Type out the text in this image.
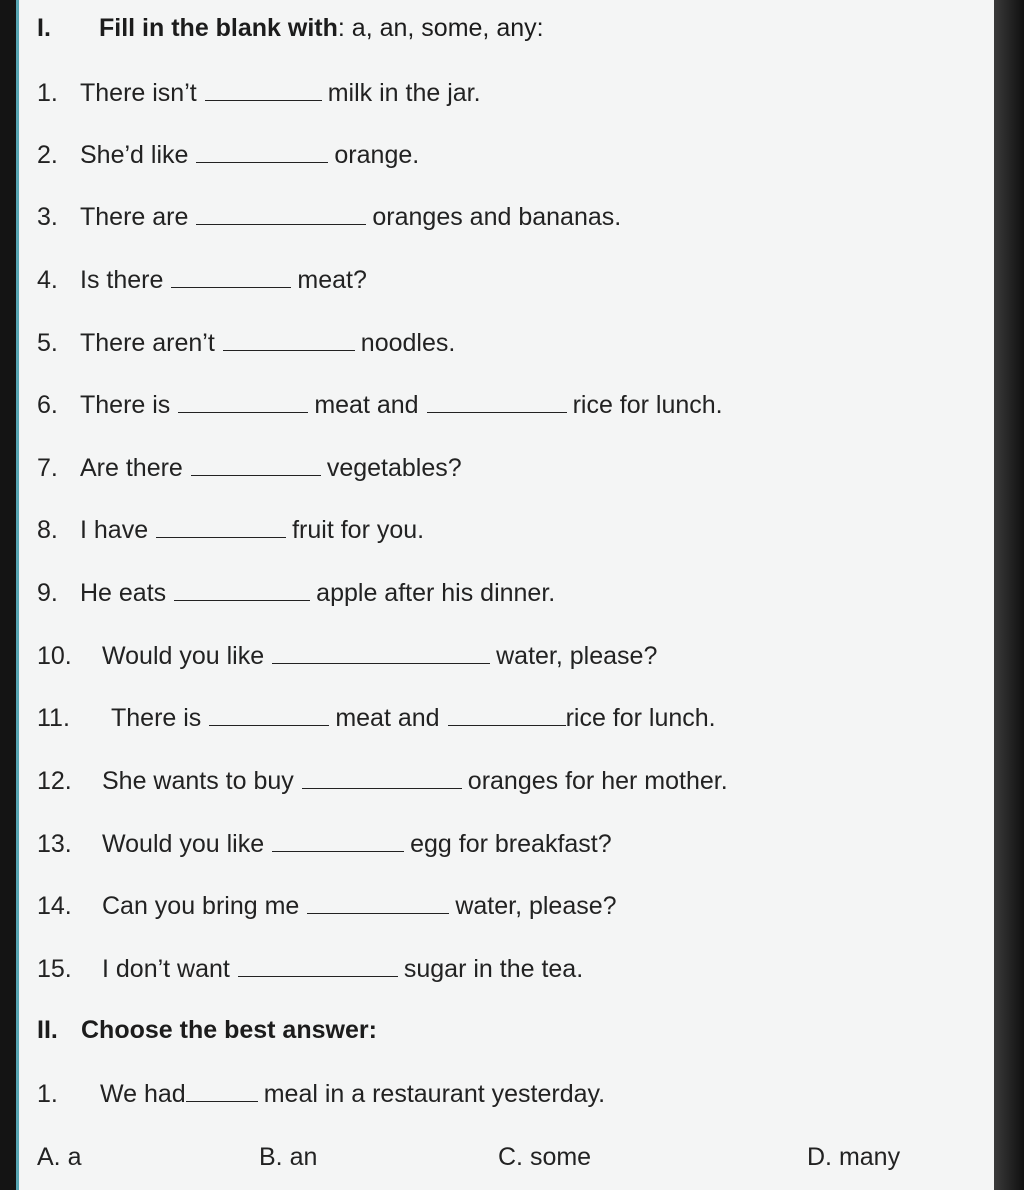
I. Fill in the blank with: a, an, some, any:
1. There isn’t	milk in the jar.
2. She’d like	orange.
3. There are	oranges and bananas.
4. Is there	meat?
5. There aren’t	noodles.
6. There is	meat and	rice for lunch.
7. Are there	vegetables?
8. I have	fruit for you.
9. He eats	apple after his dinner.
10. Would you like	water, please?
11. There is	meat and	rice for lunch.
12. She wants to buy	oranges for her mother.
13. Would you like	egg for breakfast?
14. Can you bring me	water, please?
15. I don’t want	sugar in the tea.
II. Choose the best answer:
1. We had	meal in a restaurant yesterday.
A. a	B. an	C. some	D. many
